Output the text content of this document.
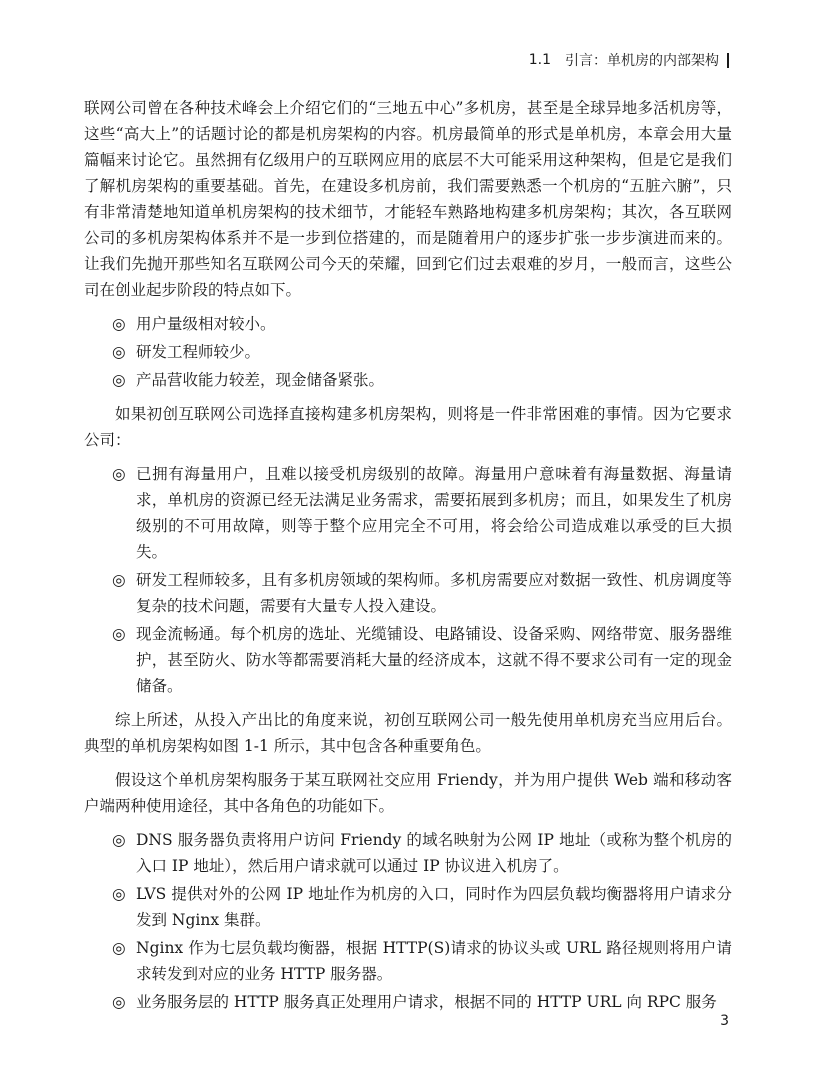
1.1 引言：单机房的内部架构

联网公司曾在各种技术峰会上介绍它们的“三地五中心”多机房，甚至是全球异地多活机房等，这些“高大上”的话题讨论的都是机房架构的内容。机房最简单的形式是单机房，本章会用大量篇幅来讨论它。虽然拥有亿级用户的互联网应用的底层不大可能采用这种架构，但是它是我们了解机房架构的重要基础。首先，在建设多机房前，我们需要熟悉一个机房的“五脏六腑”，只有非常清楚地知道单机房架构的技术细节，才能轻车熟路地构建多机房架构；其次，各互联网公司的多机房架构体系并不是一步到位搭建的，而是随着用户的逐步扩张一步步演进而来的。让我们先抛开那些知名互联网公司今天的荣耀，回到它们过去艰难的岁月，一般而言，这些公司在创业起步阶段的特点如下。

◎ 用户量级相对较小。
◎ 研发工程师较少。
◎ 产品营收能力较差，现金储备紧张。

如果初创互联网公司选择直接构建多机房架构，则将是一件非常困难的事情。因为它要求公司：

◎ 已拥有海量用户，且难以接受机房级别的故障。海量用户意味着有海量数据、海量请求，单机房的资源已经无法满足业务需求，需要拓展到多机房；而且，如果发生了机房级别的不可用故障，则等于整个应用完全不可用，将会给公司造成难以承受的巨大损失。
◎ 研发工程师较多，且有多机房领域的架构师。多机房需要应对数据一致性、机房调度等复杂的技术问题，需要有大量专人投入建设。
◎ 现金流畅通。每个机房的选址、光缆铺设、电路铺设、设备采购、网络带宽、服务器维护，甚至防火、防水等都需要消耗大量的经济成本，这就不得不要求公司有一定的现金储备。

综上所述，从投入产出比的角度来说，初创互联网公司一般先使用单机房充当应用后台。典型的单机房架构如图 1-1 所示，其中包含各种重要角色。

假设这个单机房架构服务于某互联网社交应用 Friendy，并为用户提供 Web 端和移动客户端两种使用途径，其中各角色的功能如下。

◎ DNS 服务器负责将用户访问 Friendy 的域名映射为公网 IP 地址（或称为整个机房的入口 IP 地址），然后用户请求就可以通过 IP 协议进入机房了。
◎ LVS 提供对外的公网 IP 地址作为机房的入口，同时作为四层负载均衡器将用户请求分发到 Nginx 集群。
◎ Nginx 作为七层负载均衡器，根据 HTTP(S)请求的协议头或 URL 路径规则将用户请求转发到对应的业务 HTTP 服务器。
◎ 业务服务层的 HTTP 服务真正处理用户请求，根据不同的 HTTP URL 向 RPC 服务
3
